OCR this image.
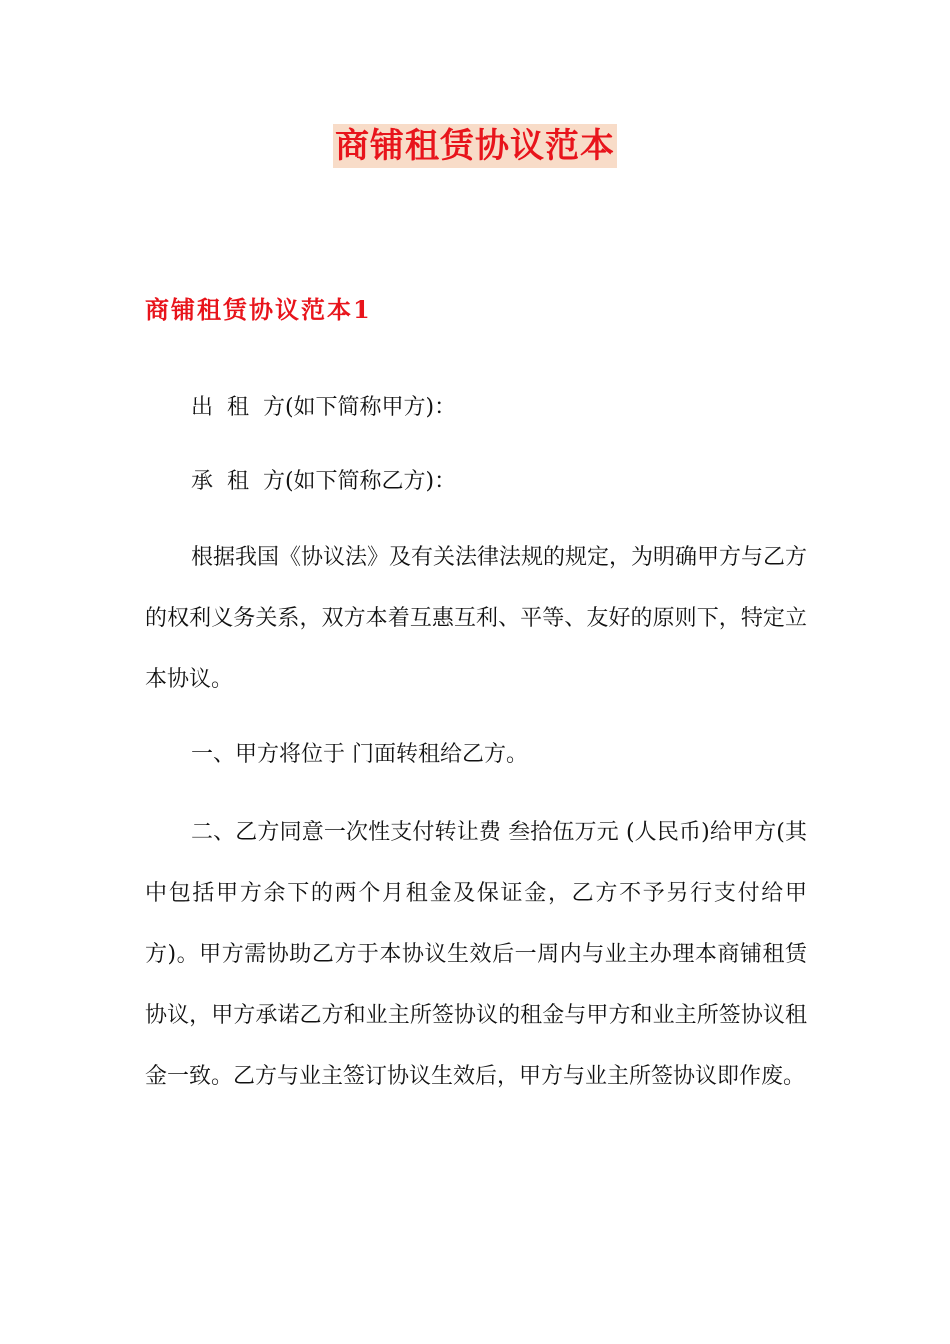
商铺租赁协议范本
商铺租赁协议范本1

出  租  方(如下简称甲方)：

承  租  方(如下简称乙方)：

根据我国《协议法》及有关法律法规的规定，为明确甲方与乙方的权利义务关系，双方本着互惠互利、平等、友好的原则下，特定立本协议。

一、甲方将位于 门面转租给乙方。

二、乙方同意一次性支付转让费 叁拾伍万元 (人民币)给甲方(其中包括甲方余下的两个月租金及保证金，乙方不予另行支付给甲方)。甲方需协助乙方于本协议生效后一周内与业主办理本商铺租赁协议，甲方承诺乙方和业主所签协议的租金与甲方和业主所签协议租金一致。乙方与业主签订协议生效后，甲方与业主所签协议即作废。
